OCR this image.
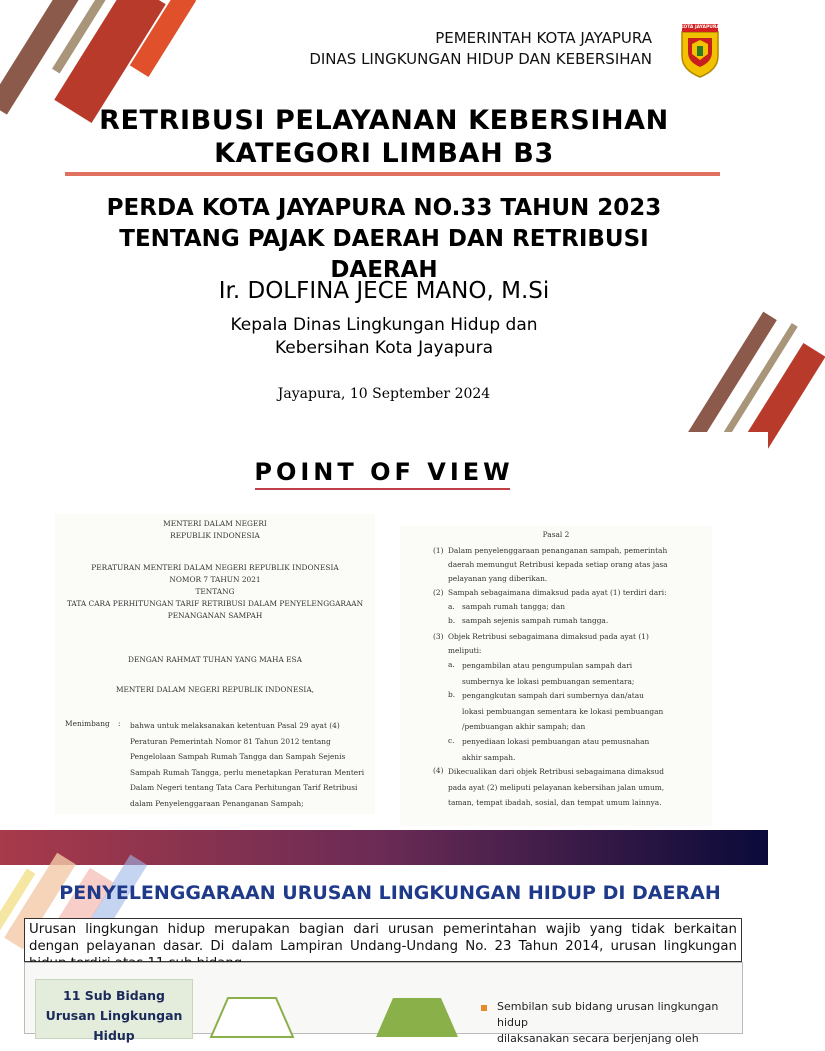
PEMERINTAH KOTA JAYAPURA
DINAS LINGKUNGAN HIDUP DAN KEBERSIHAN
KOTA JAYAPURA
RETRIBUSI PELAYANAN KEBERSIHAN
KATEGORI LIMBAH B3
PERDA KOTA JAYAPURA NO.33 TAHUN 2023 TENTANG PAJAK DAERAH DAN RETRIBUSI DAERAH
Ir. DOLFINA JECE MANO, M.Si
Kepala Dinas Lingkungan Hidup dan
Kebersihan Kota Jayapura
Jayapura, 10 September 2024
POINT OF VIEW
MENTERI DALAM NEGERI
REPUBLIK INDONESIA
PERATURAN MENTERI DALAM NEGERI REPUBLIK INDONESIA
NOMOR 7 TAHUN 2021
TENTANG
TATA CARA PERHITUNGAN TARIF RETRIBUSI DALAM PENYELENGGARAAN
PENANGANAN SAMPAH
DENGAN RAHMAT TUHAN YANG MAHA ESA
MENTERI DALAM NEGERI REPUBLIK INDONESIA,
Menimbang : bahwa untuk melaksanakan ketentuan Pasal 29 ayat (4)
Peraturan Pemerintah Nomor 81 Tahun 2012 tentang
Pengelolaan Sampah Rumah Tangga dan Sampah Sejenis
Sampah Rumah Tangga, perlu menetapkan Peraturan Menteri
Dalam Negeri tentang Tata Cara Perhitungan Tarif Retribusi
dalam Penyelenggaraan Penanganan Sampah;
Pasal 2
(1) Dalam penyelenggaraan penanganan sampah, pemerintah
daerah memungut Retribusi kepada setiap orang atas jasa
pelayanan yang diberikan.
(2) Sampah sebagaimana dimaksud pada ayat (1) terdiri dari:
a. sampah rumah tangga; dan
b. sampah sejenis sampah rumah tangga.
(3) Objek Retribusi sebagaimana dimaksud pada ayat (1)
meliputi:
a. pengambilan atau pengumpulan sampah dari
sumbernya ke lokasi pembuangan sementara;
b. pengangkutan sampah dari sumbernya dan/atau
lokasi pembuangan sementara ke lokasi pembuangan
/pembuangan akhir sampah; dan
c. penyediaan lokasi pembuangan atau pemusnahan
akhir sampah.
(4) Dikecualikan dari objek Retribusi sebagaimana dimaksud
pada ayat (2) meliputi pelayanan kebersihan jalan umum,
taman, tempat ibadah, sosial, dan tempat umum lainnya.
PENYELENGGARAAN URUSAN LINGKUNGAN HIDUP DI DAERAH
Urusan lingkungan hidup merupakan bagian dari urusan pemerintahan wajib yang tidak berkaitan dengan pelayanan dasar. Di dalam Lampiran Undang-Undang No. 23 Tahun 2014, urusan lingkungan
11 Sub Bidang Urusan Lingkungan Hidup
Sembilan sub bidang urusan lingkungan hidup
dilaksanakan secara berjenjang oleh
